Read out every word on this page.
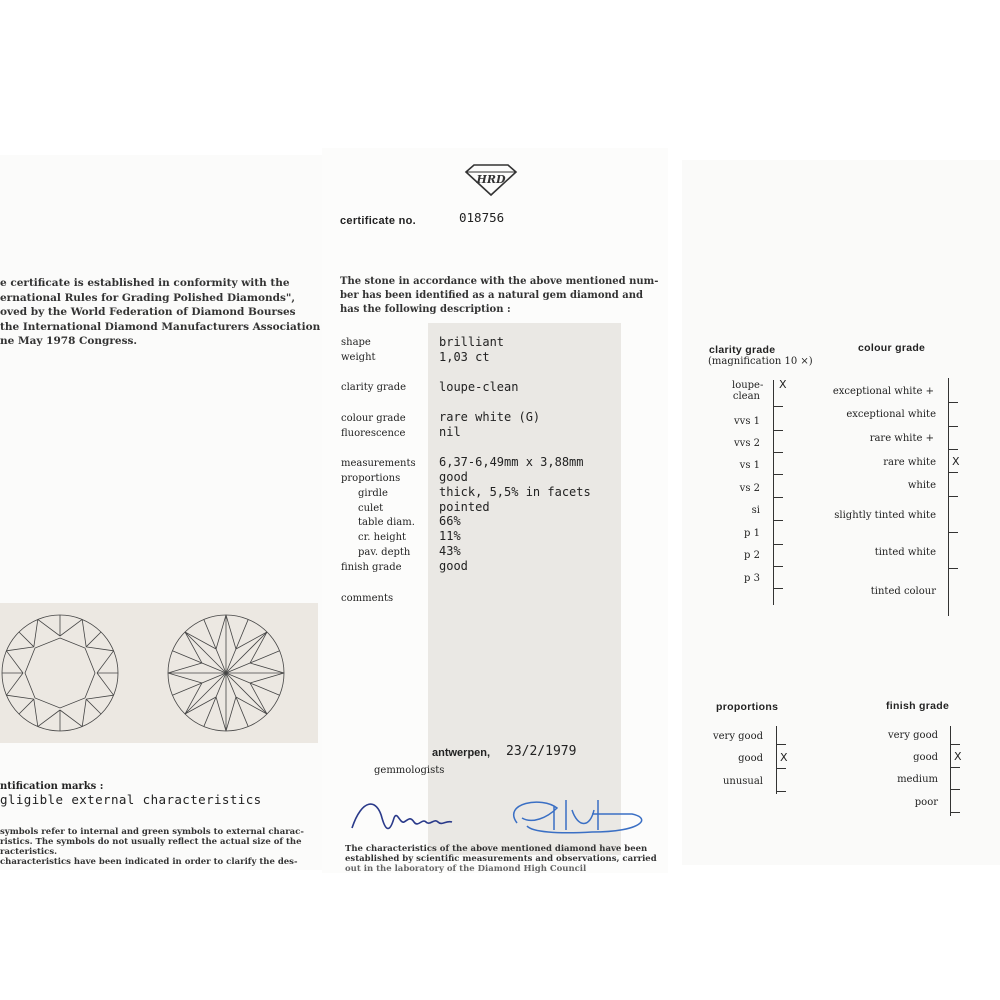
e certificate is established in conformity with the
ernational Rules for Grading Polished Diamonds",
oved by the World Federation of Diamond Bourses
the International Diamond Manufacturers Association
ne May 1978 Congress.
ntification marks :
gligible external characteristics
symbols refer to internal and green symbols to external charac-
ristics. The symbols do not usually reflect the actual size of the
racteristics.
characteristics have been indicated in order to clarify the des-
HRD
certificate no.	018756
The stone in accordance with the above mentioned num-
ber has been identified as a natural gem diamond and
has the following description :
shape	brilliant
weight	1,03 ct
clarity grade	loupe-clean
colour grade	rare white (G)
fluorescence	nil
measurements 6,37-6,49mm x 3,88mm
proportions	good
girdle	thick, 5,5% in facets
culet	pointed
table diam. 66%
cr. height	11%
pav. depth 43%
finish grade	good
comments
antwerpen, 23/2/1979
gemmologists
The characteristics of the above mentioned diamond have been
established by scientific measurements and observations, carried
out in the laboratory of the Diamond High Council
clarity grade
(magnification 10 ×)
loupe-
clean
X
vvs 1
vvs 2
vs 1
vs 2
si
p 1
p 2
p 3
colour grade
exceptional white +
exceptional white
rare white +
rare white X
white
slightly tinted white
tinted white
tinted colour
proportions
very good
good X
unusual
finish grade
very good
good X
medium
poor
